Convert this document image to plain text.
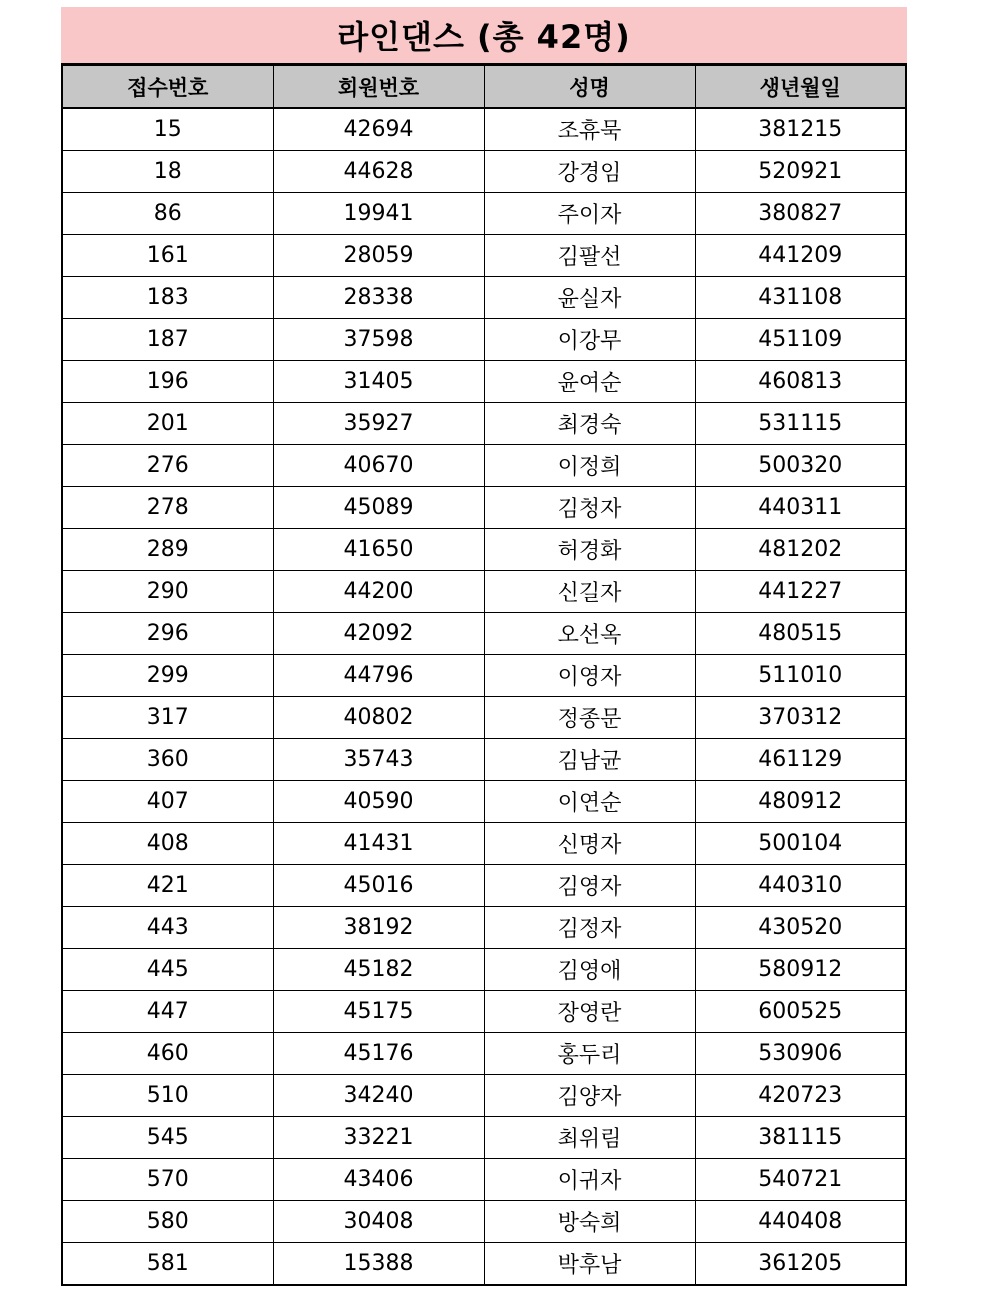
라인댄스 (총 42명)
접수번호	회원번호	성명	생년월일
15	42694	조휴묵	381215
18	44628	강경임	520921
86	19941	주이자	380827
161	28059	김팔선	441209
183	28338	윤실자	431108
187	37598	이강무	451109
196	31405	윤여순	460813
201	35927	최경숙	531115
276	40670	이정희	500320
278	45089	김청자	440311
289	41650	허경화	481202
290	44200	신길자	441227
296	42092	오선옥	480515
299	44796	이영자	511010
317	40802	정종문	370312
360	35743	김남균	461129
407	40590	이연순	480912
408	41431	신명자	500104
421	45016	김영자	440310
443	38192	김정자	430520
445	45182	김영애	580912
447	45175	장영란	600525
460	45176	홍두리	530906
510	34240	김양자	420723
545	33221	최위림	381115
570	43406	이귀자	540721
580	30408	방숙희	440408
581	15388	박후남	361205
